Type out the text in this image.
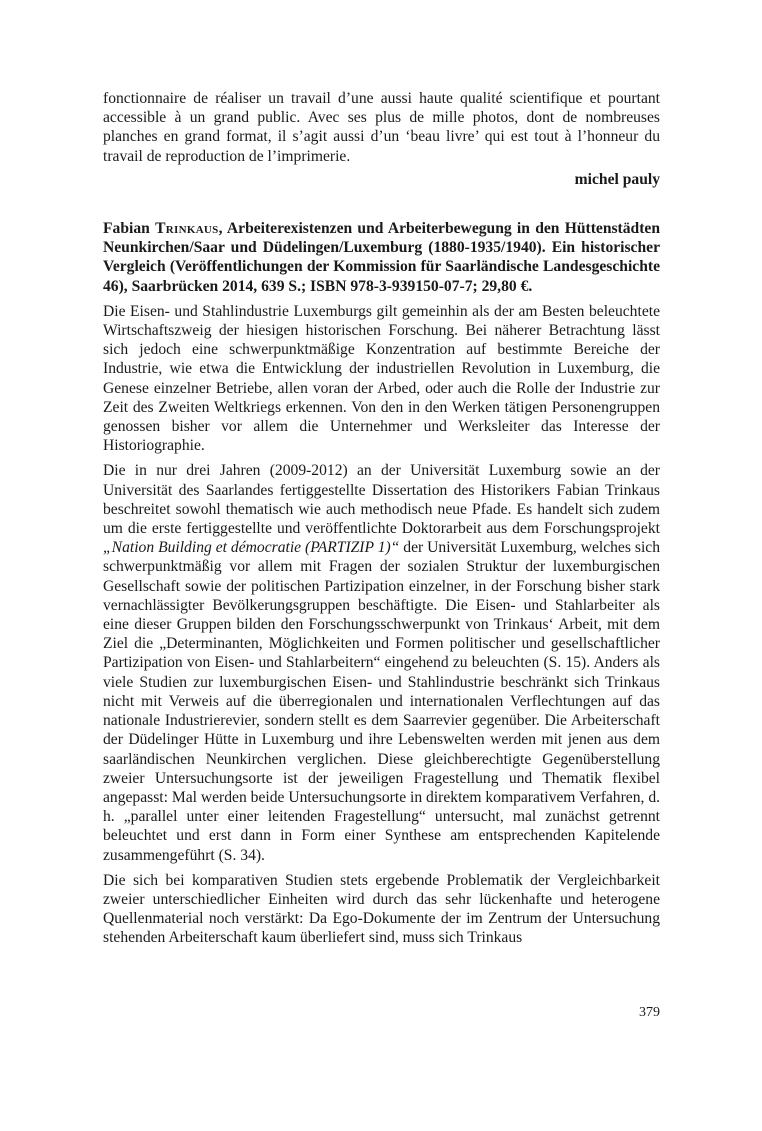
fonctionnaire de réaliser un travail d’une aussi haute qualité scientifique et pourtant accessible à un grand public. Avec ses plus de mille photos, dont de nombreuses planches en grand format, il s’agit aussi d’un ‘beau livre’ qui est tout à l’honneur du travail de reproduction de l’imprimerie.

michel pauly

Fabian Trinkaus, Arbeiterexistenzen und Arbeiterbewegung in den Hüttenstädten Neunkirchen/Saar und Düdelingen/Luxemburg (1880-1935/1940). Ein historischer Vergleich (Veröffentlichungen der Kommission für Saarländische Landesgeschichte 46), Saarbrücken 2014, 639 S.; ISBN 978-3-939150-07-7; 29,80 €.

Die Eisen- und Stahlindustrie Luxemburgs gilt gemeinhin als der am Besten beleuchtete Wirtschaftszweig der hiesigen historischen Forschung. Bei näherer Betrachtung lässt sich jedoch eine schwerpunktmäßige Konzentration auf bestimmte Bereiche der Industrie, wie etwa die Entwicklung der industriellen Revolution in Luxemburg, die Genese einzelner Betriebe, allen voran der Arbed, oder auch die Rolle der Industrie zur Zeit des Zweiten Weltkriegs erkennen. Von den in den Werken tätigen Personengruppen genossen bisher vor allem die Unternehmer und Werksleiter das Interesse der Historiographie.

Die in nur drei Jahren (2009-2012) an der Universität Luxemburg sowie an der Universität des Saarlandes fertiggestellte Dissertation des Historikers Fabian Trinkaus beschreitet sowohl thematisch wie auch methodisch neue Pfade. Es handelt sich zudem um die erste fertiggestellte und veröffentlichte Doktorarbeit aus dem Forschungsprojekt „Nation Building et démocratie (PARTIZIP 1)“ der Universität Luxemburg, welches sich schwerpunktmäßig vor allem mit Fragen der sozialen Struktur der luxemburgischen Gesellschaft sowie der politischen Partizipation einzelner, in der Forschung bisher stark vernachlässigter Bevölkerungsgruppen beschäftigte. Die Eisen- und Stahlarbeiter als eine dieser Gruppen bilden den Forschungsschwerpunkt von Trinkaus‘ Arbeit, mit dem Ziel die „Determinanten, Möglichkeiten und Formen politischer und gesellschaftlicher Partizipation von Eisen- und Stahlarbeitern“ eingehend zu beleuchten (S. 15). Anders als viele Studien zur luxemburgischen Eisen- und Stahlindustrie beschränkt sich Trinkaus nicht mit Verweis auf die überregionalen und internationalen Verflechtungen auf das nationale Industrierevier, sondern stellt es dem Saarrevier gegenüber. Die Arbeiterschaft der Düdelinger Hütte in Luxemburg und ihre Lebenswelten werden mit jenen aus dem saarländischen Neunkirchen verglichen. Diese gleichberechtigte Gegenüberstellung zweier Untersuchungsorte ist der jeweiligen Fragestellung und Thematik flexibel angepasst: Mal werden beide Untersuchungsorte in direktem komparativem Verfahren, d. h. „parallel unter einer leitenden Fragestellung“ untersucht, mal zunächst getrennt beleuchtet und erst dann in Form einer Synthese am entsprechenden Kapitelende zusammengeführt (S. 34).

Die sich bei komparativen Studien stets ergebende Problematik der Vergleichbarkeit zweier unterschiedlicher Einheiten wird durch das sehr lückenhafte und heterogene Quellenmaterial noch verstärkt: Da Ego-Dokumente der im Zentrum der Untersuchung stehenden Arbeiterschaft kaum überliefert sind, muss sich Trinkaus

379
